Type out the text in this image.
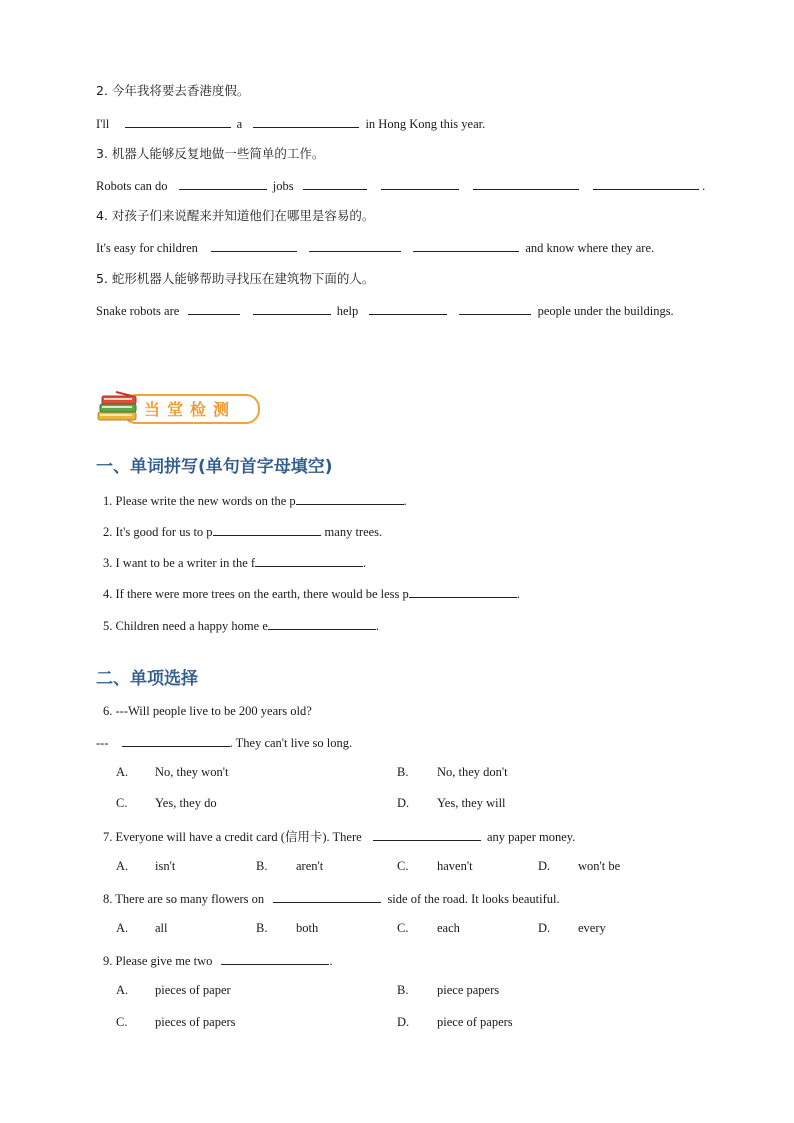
2. 今年我将要去香港度假。
I'll	a	in Hong Kong this year.
3. 机器人能够反复地做一些简单的工作。
Robots can do	jobs	.
4. 对孩子们来说醒来并知道他们在哪里是容易的。
It's easy for children	and know where they are.
5. 蛇形机器人能够帮助寻找压在建筑物下面的人。
Snake robots are	help	people under the buildings.
当堂检测
一、单词拼写(单句首字母填空)
1. Please write the new words on the p	.
2. It's good for us to p	many trees.
3. I want to be a writer in the f	.
4. If there were more trees on the earth, there would be less p	.
5. Children need a happy home e	.
二、单项选择
6. ---Will people live to be 200 years old?
---	. They can't live so long.
A. No, they won't	B. No, they don't
C. Yes, they do	D. Yes, they will
7. Everyone will have a credit card (信用卡). There	any paper money.
A. isn't	B. aren't	C. haven't	D. won't be
8. There are so many flowers on	side of the road. It looks beautiful.
A. all	B. both	C. each	D. every
9. Please give me two	.
A. pieces of paper	B. piece papers
C. pieces of papers	D. piece of papers
